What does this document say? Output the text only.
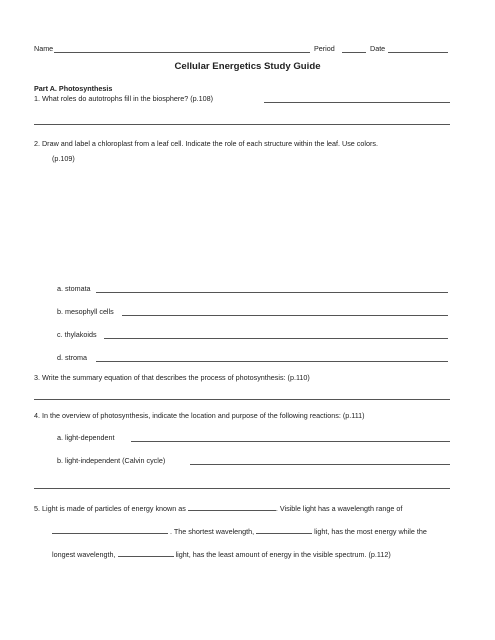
Name	Period	Date
Cellular Energetics Study Guide
Part A. Photosynthesis
1. What roles do autotrophs fill in the biosphere? (p.108)
2. Draw and label a chloroplast from a leaf cell. Indicate the role of each structure within the leaf. Use colors.
(p.109)
a. stomata
b. mesophyll cells
c. thylakoids
d. stroma
3. Write the summary equation of that describes the process of photosynthesis: (p.110)
4. In the overview of photosynthesis, indicate the location and purpose of the following reactions: (p.111)
a. light-dependent
b. light-independent (Calvin cycle)
5. Light is made of particles of energy known as	. Visible light has a wavelength range of
. The shortest wavelength,	light, has the most energy while the
longest wavelength,	light, has the least amount of energy in the visible spectrum. (p.112)
